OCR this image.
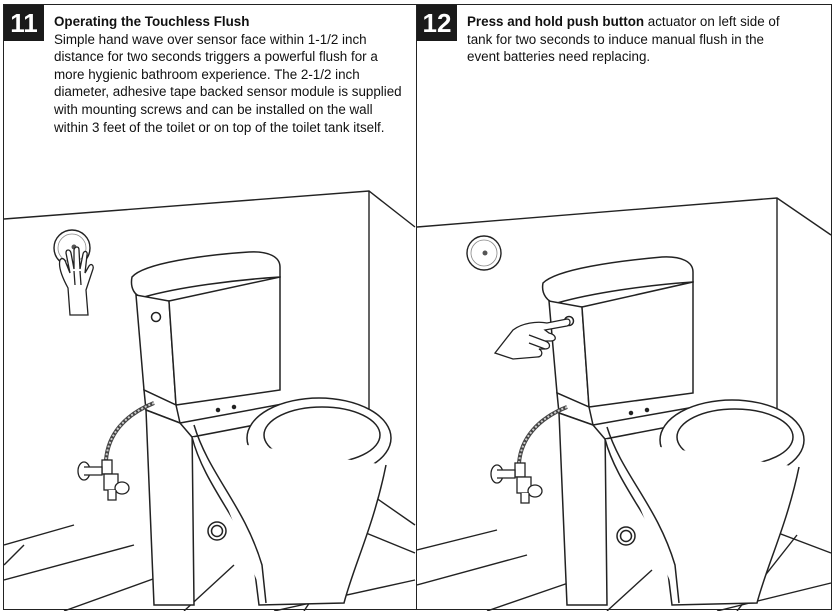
11	Operating the Touchless Flush
Simple hand wave over sensor face within 1-1/2 inch distance for two seconds triggers a powerful flush for a more hygienic bathroom experience. The 2-1/2 inch diameter, adhesive tape backed sensor module is supplied with mounting screws and can be installed on the wall within 3 feet of the toilet or on top of the toilet tank itself.
12	Press and hold push button actuator on left side of tank for two seconds to induce manual flush in the event batteries need replacing.
